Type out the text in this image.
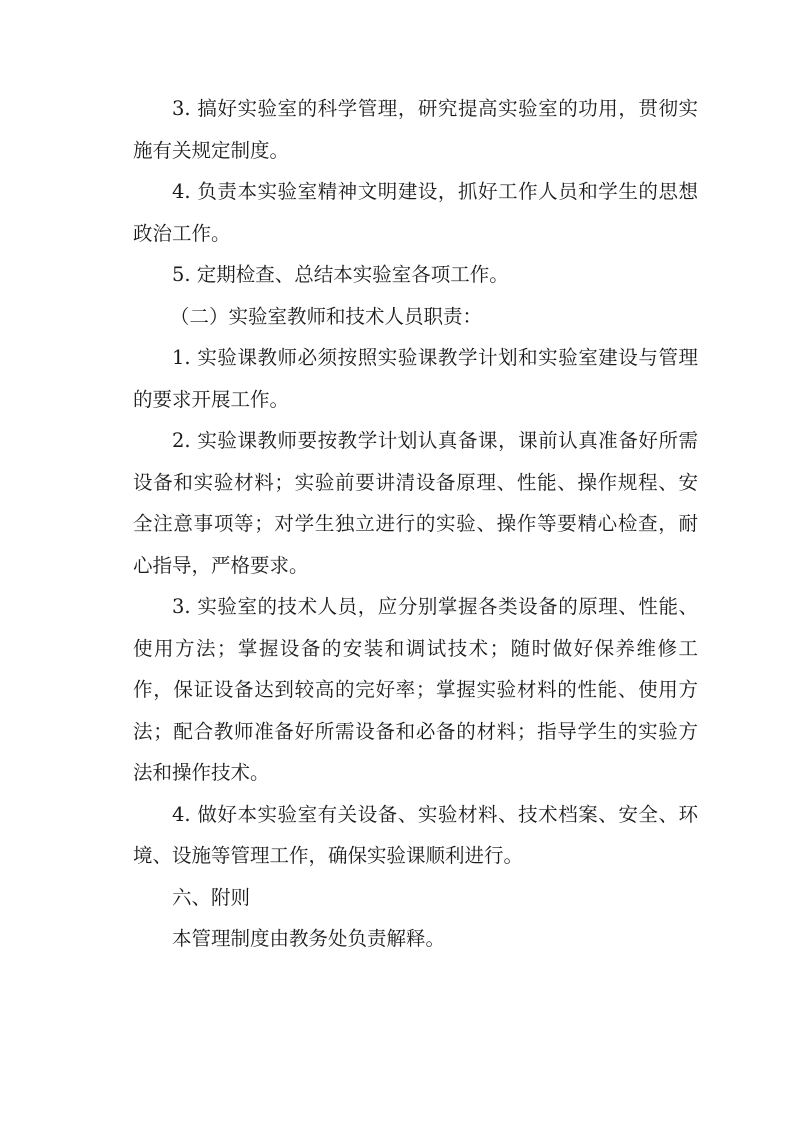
3. 搞好实验室的科学管理，研究提高实验室的功用，贯彻实施有关规定制度。

4. 负责本实验室精神文明建设，抓好工作人员和学生的思想政治工作。

5. 定期检查、总结本实验室各项工作。

（二）实验室教师和技术人员职责：

1. 实验课教师必须按照实验课教学计划和实验室建设与管理的要求开展工作。

2. 实验课教师要按教学计划认真备课，课前认真准备好所需设备和实验材料；实验前要讲清设备原理、性能、操作规程、安全注意事项等；对学生独立进行的实验、操作等要精心检查，耐心指导，严格要求。

3. 实验室的技术人员，应分别掌握各类设备的原理、性能、使用方法；掌握设备的安装和调试技术；随时做好保养维修工作，保证设备达到较高的完好率；掌握实验材料的性能、使用方法；配合教师准备好所需设备和必备的材料；指导学生的实验方法和操作技术。

4. 做好本实验室有关设备、实验材料、技术档案、安全、环境、设施等管理工作，确保实验课顺利进行。

六、附则

本管理制度由教务处负责解释。
